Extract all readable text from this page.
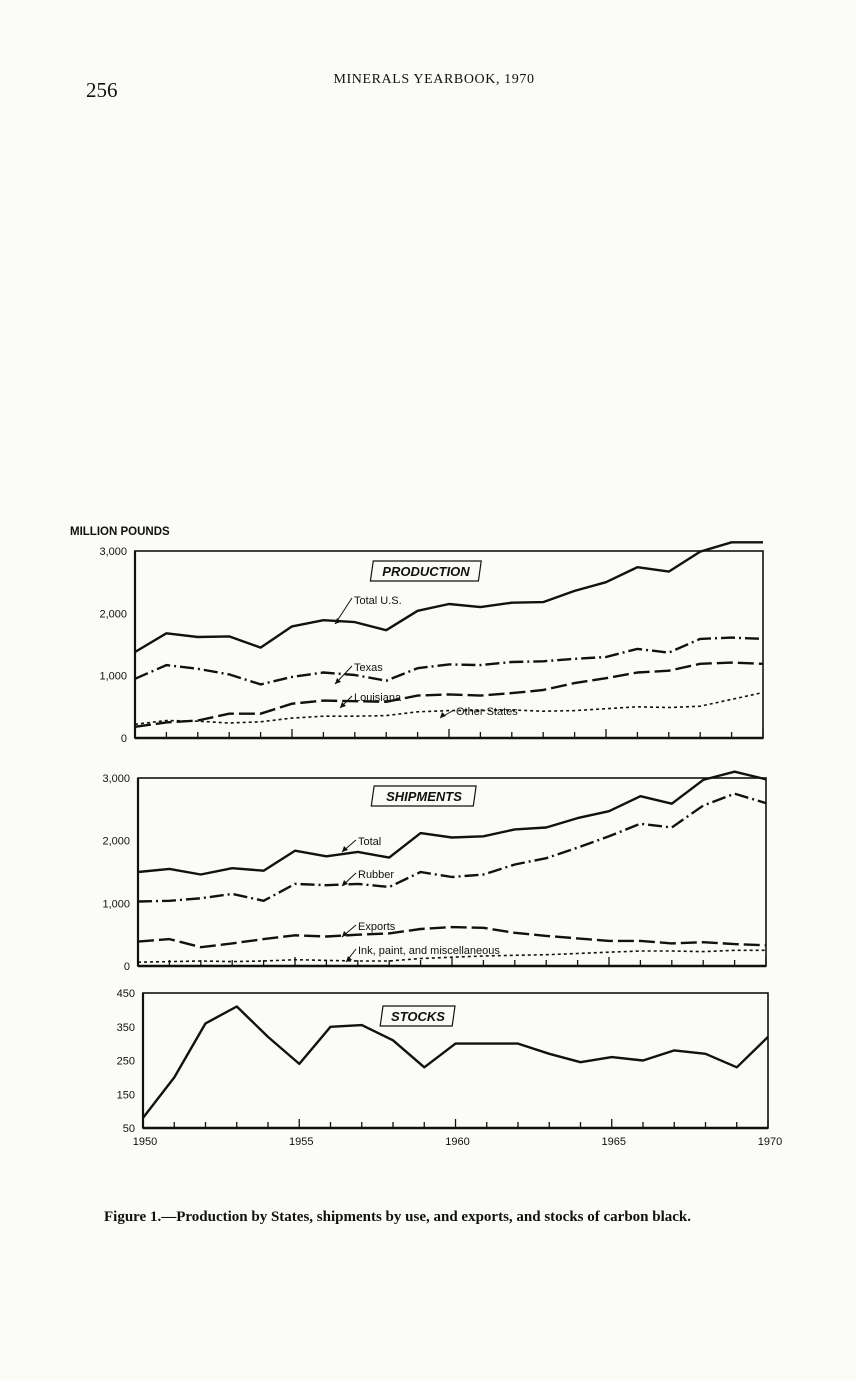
256	MINERALS YEARBOOK, 1970
MILLION POUNDS
0
1,000
2,000
3,000
PRODUCTION
Total U.S.
Texas
Louisiana
Other States
0
1,000
2,000
3,000
SHIPMENTS
Total
Rubber
Exports
Ink, paint, and miscellaneous
50
150
250
350
450
1950	1955	1960	1965	1970
STOCKS
Figure 1.—Production by States, shipments by use, and exports, and stocks of carbon black.
